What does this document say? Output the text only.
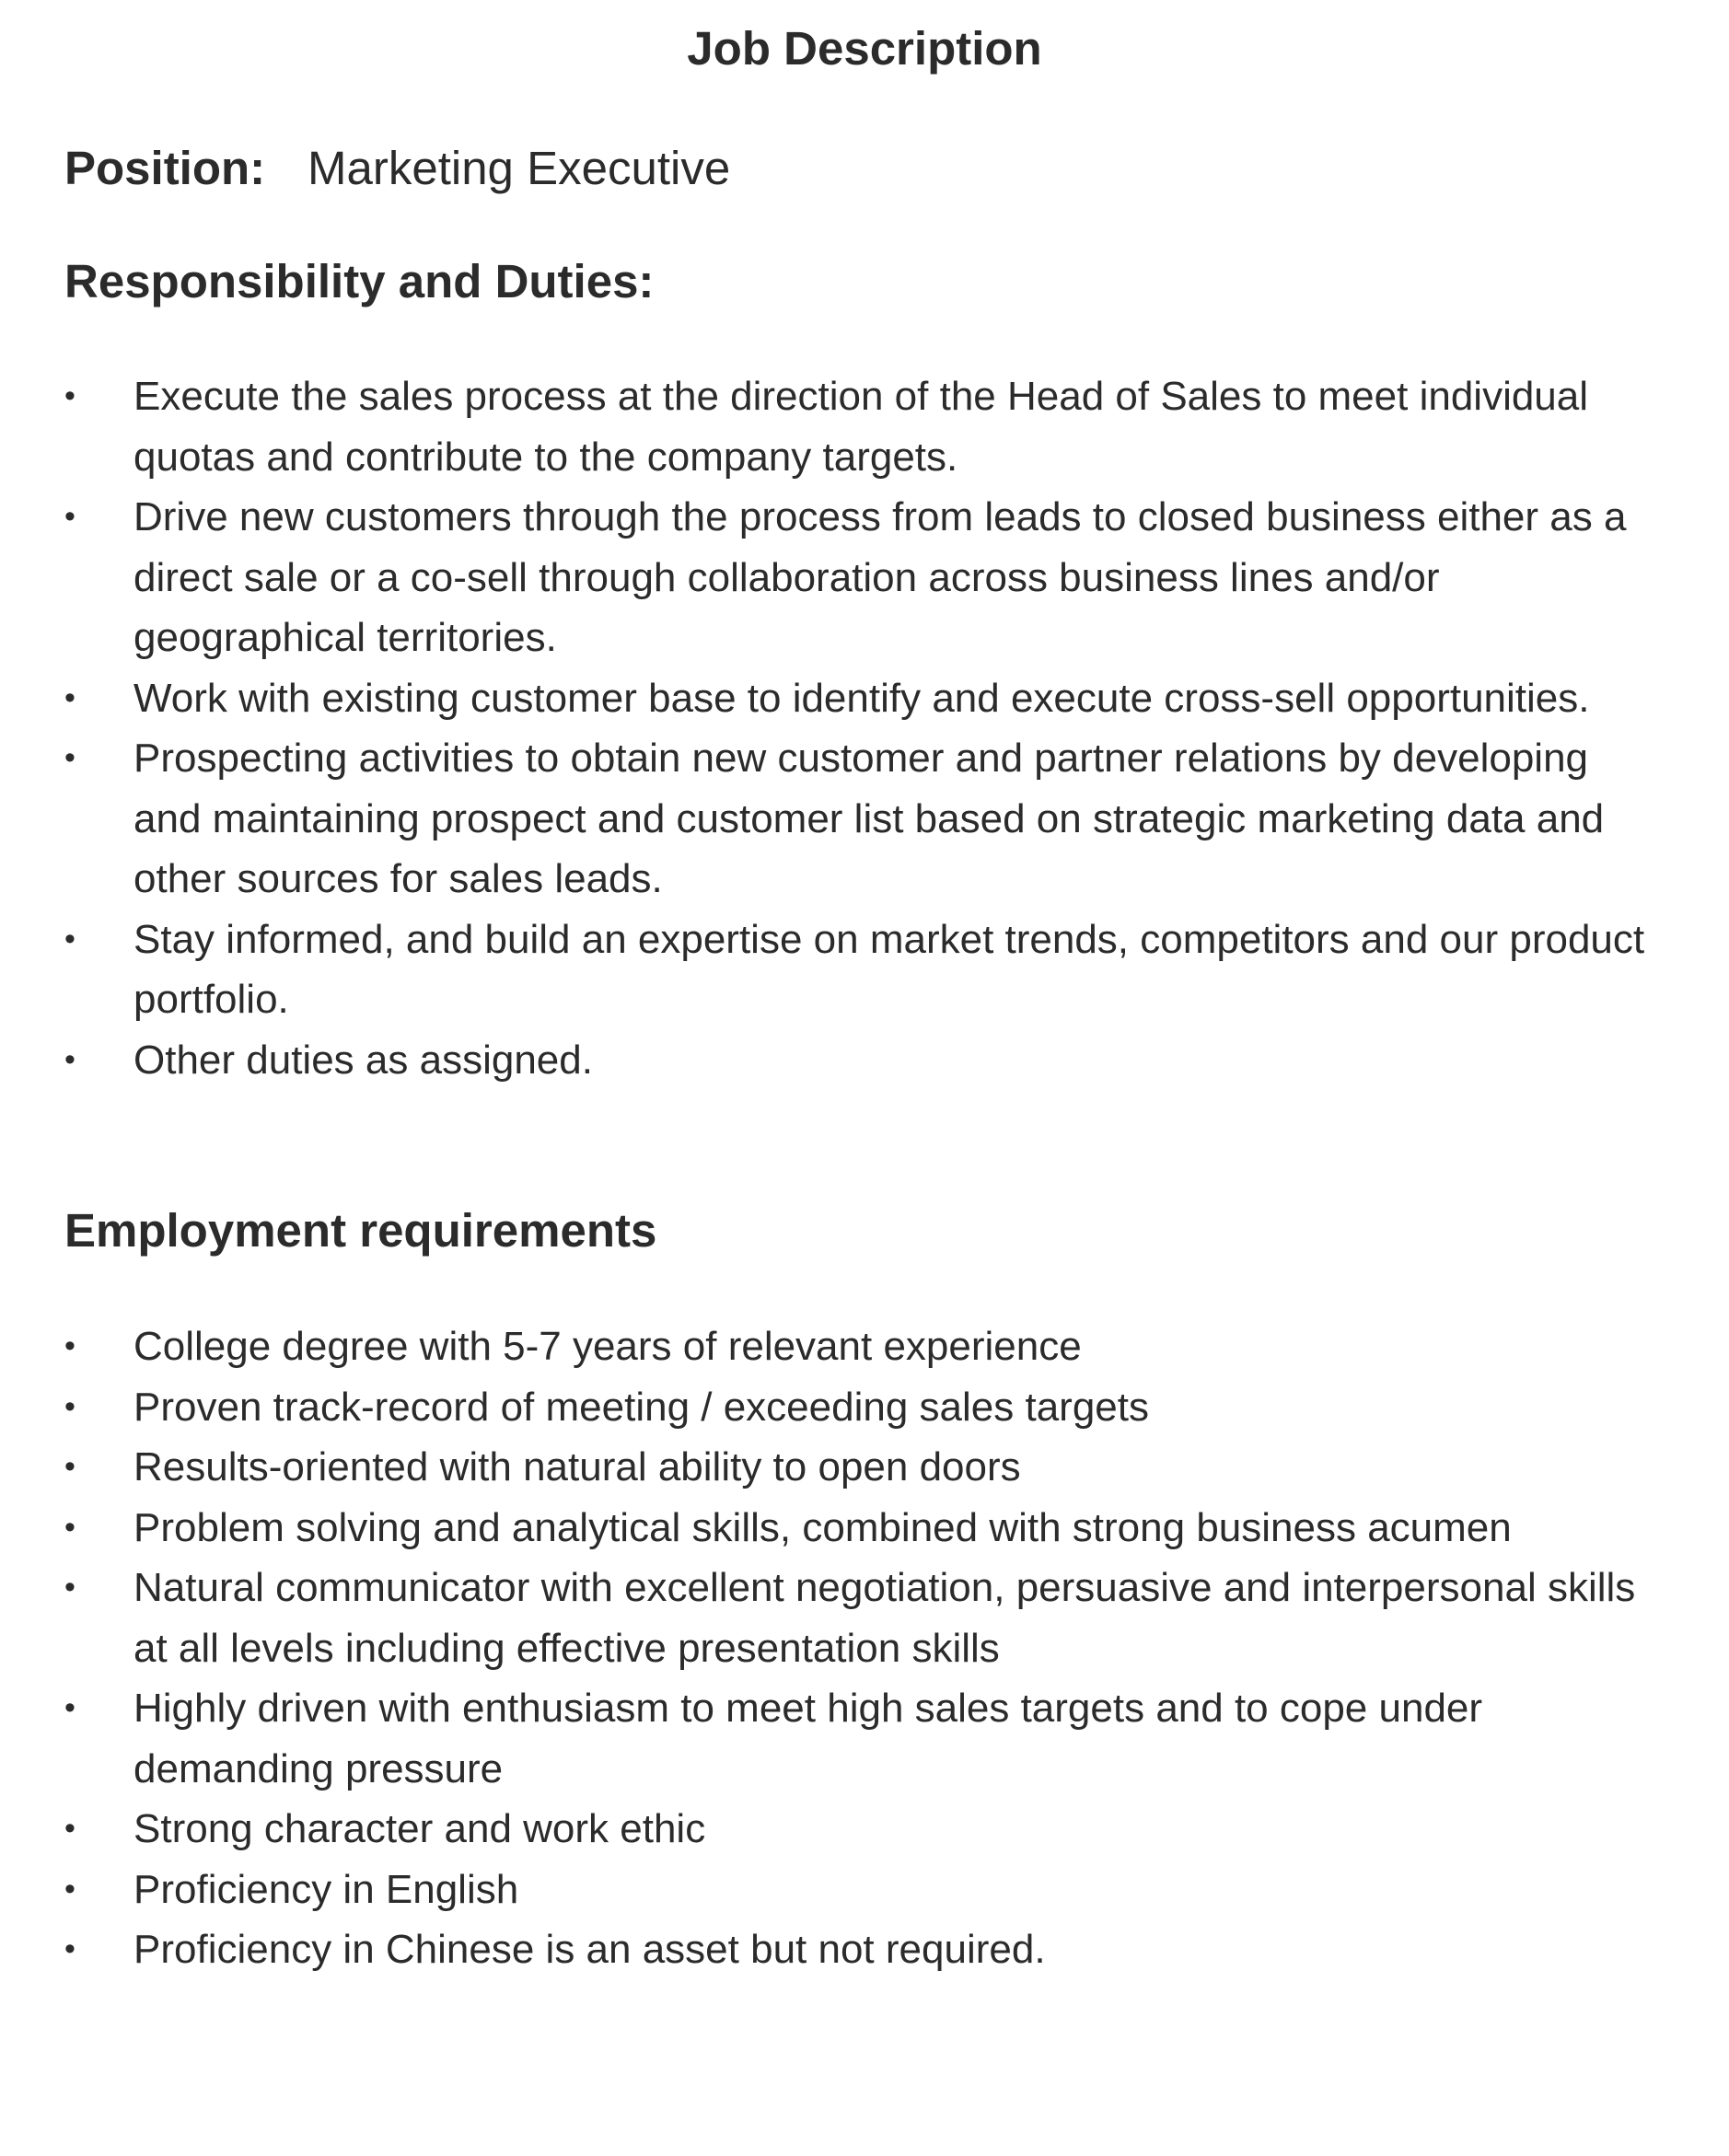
Job Description

Position: Marketing Executive

Responsibility and Duties:
• Execute the sales process at the direction of the Head of Sales to meet individual quotas and contribute to the company targets.
• Drive new customers through the process from leads to closed business either as a direct sale or a co-sell through collaboration across business lines and/or geographical territories.
• Work with existing customer base to identify and execute cross-sell opportunities.
• Prospecting activities to obtain new customer and partner relations by developing and maintaining prospect and customer list based on strategic marketing data and other sources for sales leads.
• Stay informed, and build an expertise on market trends, competitors and our product portfolio.
• Other duties as assigned.
Employment requirements
• College degree with 5-7 years of relevant experience
• Proven track-record of meeting / exceeding sales targets
• Results-oriented with natural ability to open doors
• Problem solving and analytical skills, combined with strong business acumen
• Natural communicator with excellent negotiation, persuasive and interpersonal skills at all levels including effective presentation skills
• Highly driven with enthusiasm to meet high sales targets and to cope under demanding pressure
• Strong character and work ethic
• Proficiency in English
• Proficiency in Chinese is an asset but not required.
